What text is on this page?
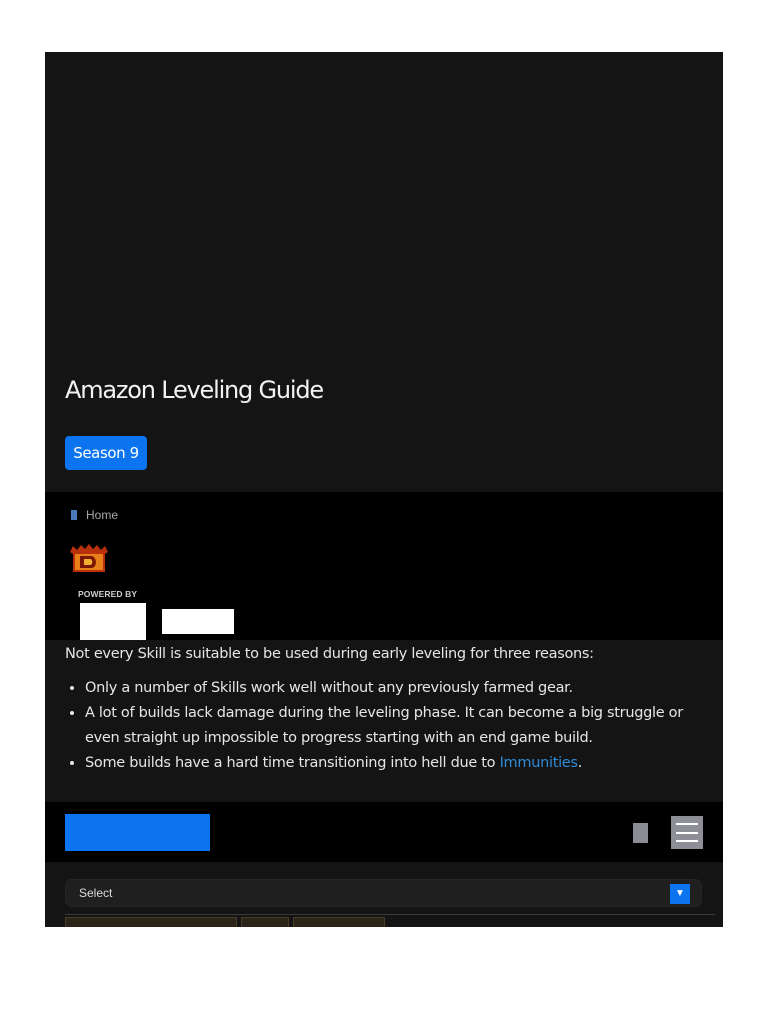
Amazon Leveling Guide
Season 9
Home
POWERED BY

Not every Skill is suitable to be used during early leveling for three reasons:

• Only a number of Skills work well without any previously farmed gear.
• A lot of builds lack damage during the leveling phase. It can become a big struggle or even straight up impossible to progress starting with an end game build.
• Some builds have a hard time transitioning into hell due to Immunities.
Select	▼
